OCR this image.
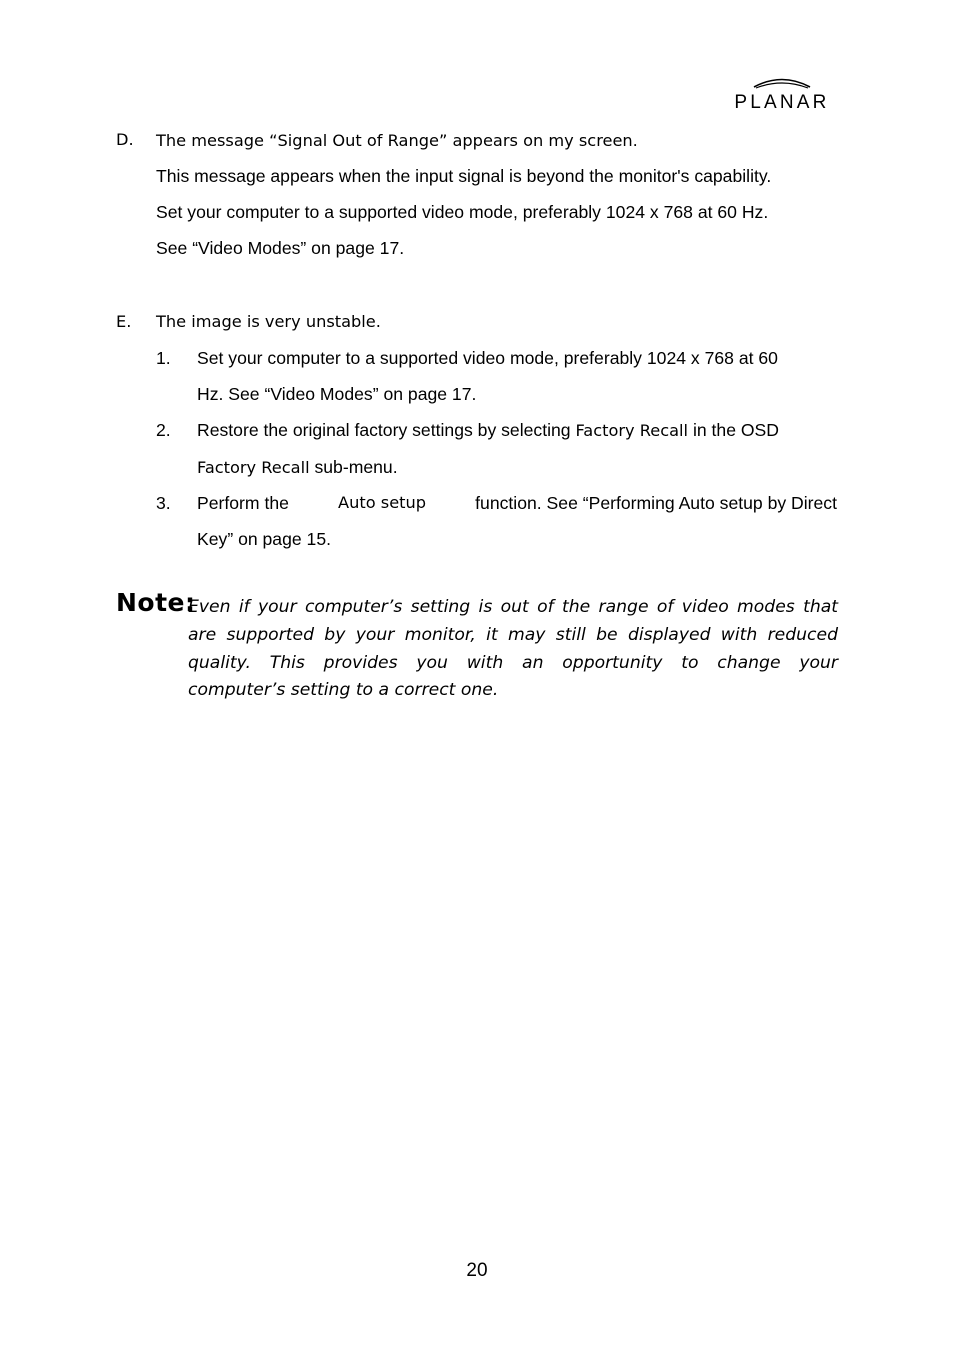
PLANAR
D. The message “Signal Out of Range” appears on my screen.
This message appears when the input signal is beyond the monitor's capability.
Set your computer to a supported video mode, preferably 1024 x 768 at 60 Hz.
See “Video Modes” on page 17.
E. The image is very unstable.
1. Set your computer to a supported video mode, preferably 1024 x 768 at 60
Hz. See “Video Modes” on page 17.
2. Restore the original factory settings by selecting Factory Recall in the OSD
Factory Recall sub-menu.
3. Perform the	Auto setup	function. See “Performing Auto setup by Direct
Key” on page 15.
Note:
Even if your computer’s setting is out of the range of video modes that
are supported by your monitor, it may still be displayed with reduced
quality. This provides you with an opportunity to change your
computer’s setting to a correct one.
20
